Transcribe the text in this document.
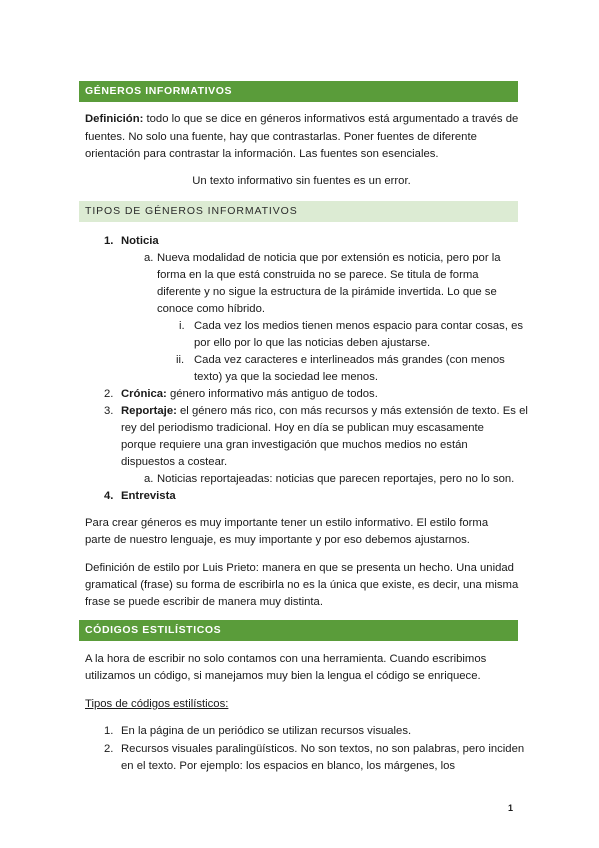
GÉNEROS INFORMATIVOS
Definición: todo lo que se dice en géneros informativos está argumentado a través de
fuentes. No solo una fuente, hay que contrastarlas. Poner fuentes de diferente
orientación para contrastar la información. Las fuentes son esenciales.
Un texto informativo sin fuentes es un error.
TIPOS DE GÉNEROS INFORMATIVOS
1. Noticia
a. Nueva modalidad de noticia que por extensión es noticia, pero por la
forma en la que está construida no se parece. Se titula de forma
diferente y no sigue la estructura de la pirámide invertida. Lo que se
conoce como híbrido.
i. Cada vez los medios tienen menos espacio para contar cosas, es
por ello por lo que las noticias deben ajustarse.
ii. Cada vez caracteres e interlineados más grandes (con menos
texto) ya que la sociedad lee menos.
2. Crónica: género informativo más antiguo de todos.
3. Reportaje: el género más rico, con más recursos y más extensión de texto. Es el
rey del periodismo tradicional. Hoy en día se publican muy escasamente
porque requiere una gran investigación que muchos medios no están
dispuestos a costear.
a. Noticias reportajeadas: noticias que parecen reportajes, pero no lo son.
4. Entrevista
Para crear géneros es muy importante tener un estilo informativo. El estilo forma
parte de nuestro lenguaje, es muy importante y por eso debemos ajustarnos.
Definición de estilo por Luis Prieto: manera en que se presenta un hecho. Una unidad
gramatical (frase) su forma de escribirla no es la única que existe, es decir, una misma
frase se puede escribir de manera muy distinta.
CÓDIGOS ESTILÍSTICOS
A la hora de escribir no solo contamos con una herramienta. Cuando escribimos
utilizamos un código, si manejamos muy bien la lengua el código se enriquece.
Tipos de códigos estilísticos:
1. En la página de un periódico se utilizan recursos visuales.
2. Recursos visuales paralingüísticos. No son textos, no son palabras, pero inciden
en el texto. Por ejemplo: los espacios en blanco, los márgenes, los
1
